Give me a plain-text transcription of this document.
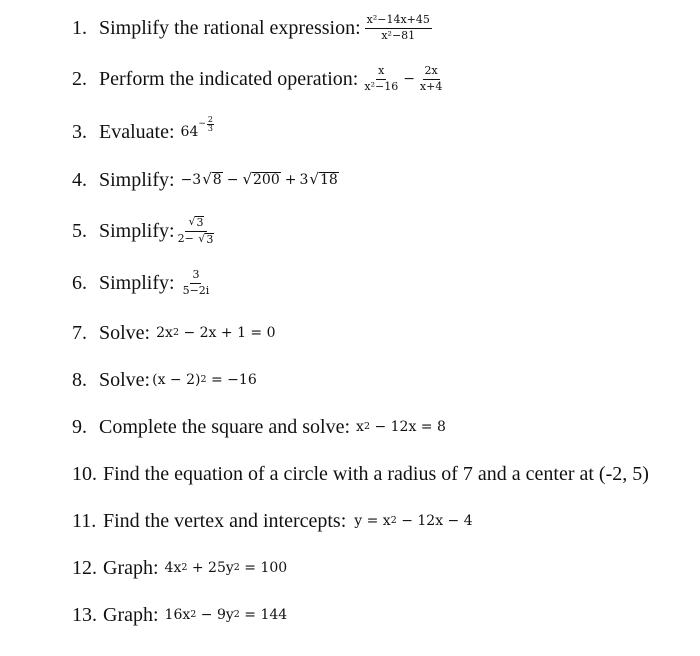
1. Simplify the rational expression: $\frac{\text{x²−14x+45}}{\text{x²−81}}$
2. Perform the indicated operation: $\frac{x}{\text{x²−16}} - \frac{2x}{x+4}$
3. Evaluate: $64 - \frac{2}{3}$
4. Simplify: −3 √ 8 − √ 200 + 3 √ 18
5. Simplify: $\frac{√ 3}{2- √ 3}$
6. Simplify: $\frac{3}{5-2i}$
7. Solve: 2x 2 − 2x + 1 = 0
8. Solve: (x − 2) 2 = −16
9. Complete the square and solve: x 2 − 12x = 8
10. Find the equation of a circle with a radius of 7 and a center at (-2, 5)
11. Find the vertex and intercepts: y = x 2 − 12x − 4
12. Graph: 4x 2 + 25y 2 = 100
13. Graph: 16x 2 − 9y 2 = 144
